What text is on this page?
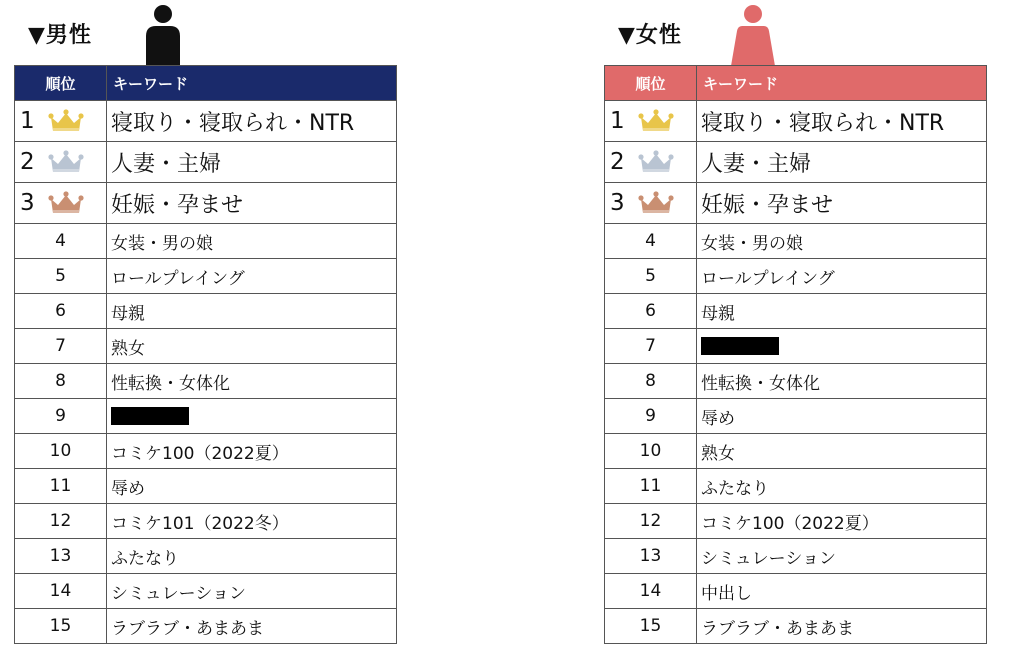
▼男性
順位	キーワード

1	寝取り・寝取られ・NTR

2	人妻・主婦

3	妊娠・孕ませ
4	女装・男の娘
5	ロールプレイング
6	母親
7	熟女
8	性転換・女体化
9	
10	コミケ100（2022夏）
11	辱め
12	コミケ101（2022冬）
13	ふたなり
14	シミュレーション
15	ラブラブ・あまあま
▼女性
順位	キーワード

1	寝取り・寝取られ・NTR

2	人妻・主婦

3	妊娠・孕ませ
4	女装・男の娘
5	ロールプレイング
6	母親
7	
8	性転換・女体化
9	辱め
10	熟女
11	ふたなり
12	コミケ100（2022夏）
13	シミュレーション
14	中出し
15	ラブラブ・あまあま
